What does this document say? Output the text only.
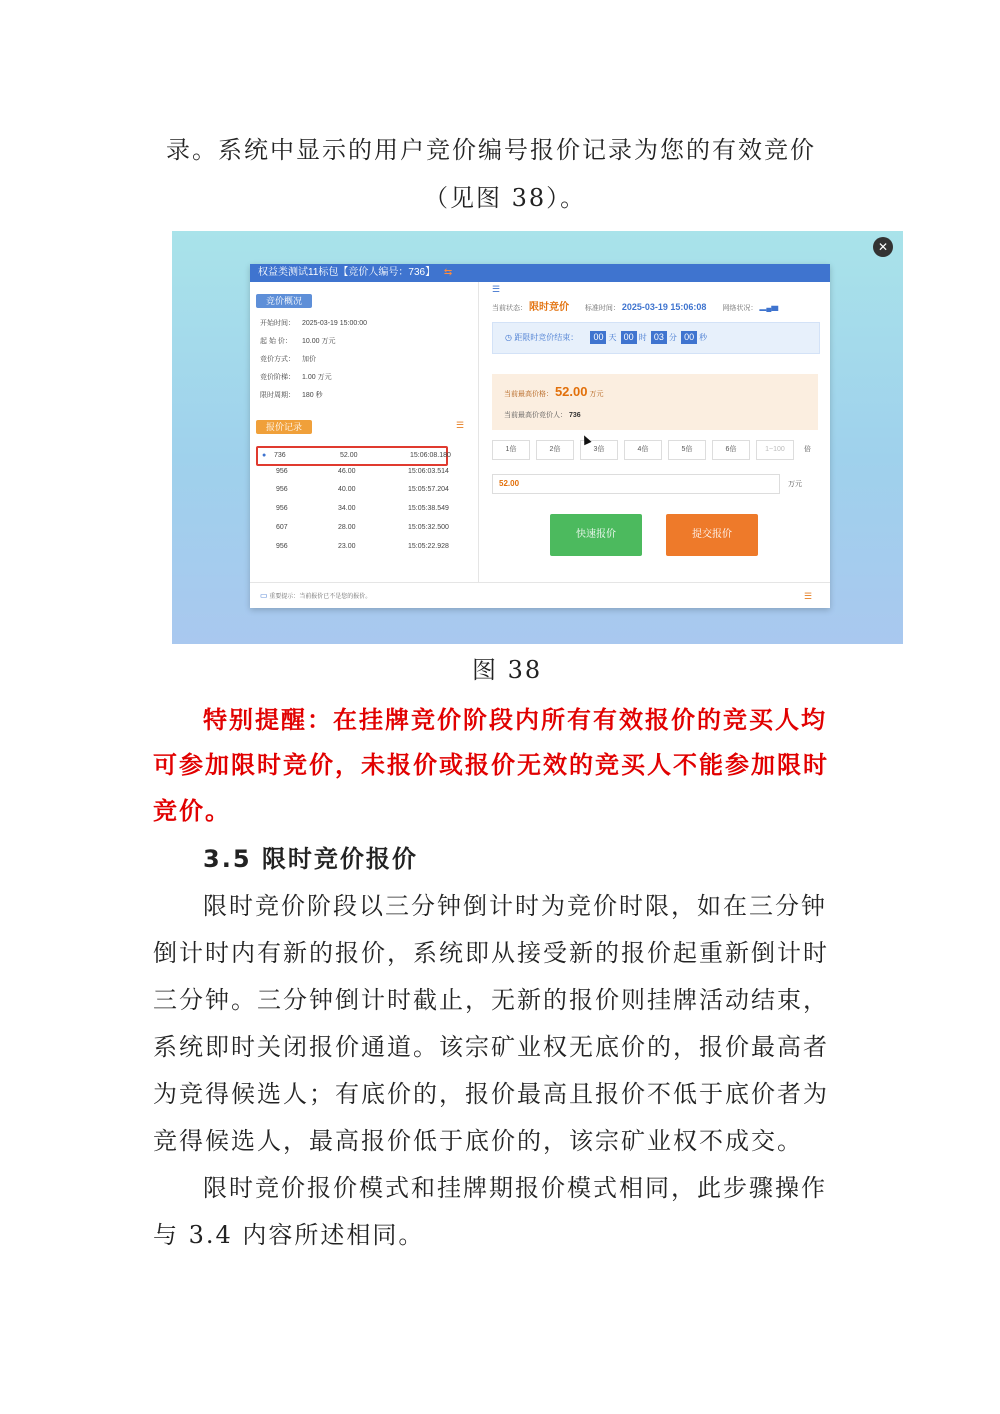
录。系统中显示的用户竞价编号报价记录为您的有效竞价
（见图 38）。
✕
权益类测试11标包【竞价人编号：736】 ⇆
竞价概况
开始时间： 2025-03-19 15:00:00
起 始 价： 10.00 万元
竞价方式： 加价
竞价阶梯： 1.00 万元
限时周期： 180 秒
报价记录	☰
● 736	52.00	15:06:08.180
956	46.00	15:06:03.514
956	40.00	15:05:57.204
956	34.00	15:05:38.549
607	28.00	15:05:32.500
956	23.00	15:05:22.928
☰
当前状态： 限时竞价 标准时间： 2025-03-19 15:06:08 网络状况： ▂▄▆
◷ 距限时竞价结束： 00 天 00 时 03 分 00 秒
当前最高价格： 52.00 万元
当前最高价竞价人： 736
1倍	2倍	3倍	4倍	5倍	6倍	1~100	倍
52.00	万元
快速报价	提交报价
▭ 重要提示：当前报价已不是您的报价。	☰
图 38
特别提醒：在挂牌竞价阶段内所有有效报价的竞买人均
可参加限时竞价，未报价或报价无效的竞买人不能参加限时
竞价。
3.5 限时竞价报价
限时竞价阶段以三分钟倒计时为竞价时限，如在三分钟
倒计时内有新的报价，系统即从接受新的报价起重新倒计时
三分钟。三分钟倒计时截止，无新的报价则挂牌活动结束，
系统即时关闭报价通道。该宗矿业权无底价的，报价最高者
为竞得候选人；有底价的，报价最高且报价不低于底价者为
竞得候选人，最高报价低于底价的，该宗矿业权不成交。
限时竞价报价模式和挂牌期报价模式相同，此步骤操作
与 3.4 内容所述相同。
